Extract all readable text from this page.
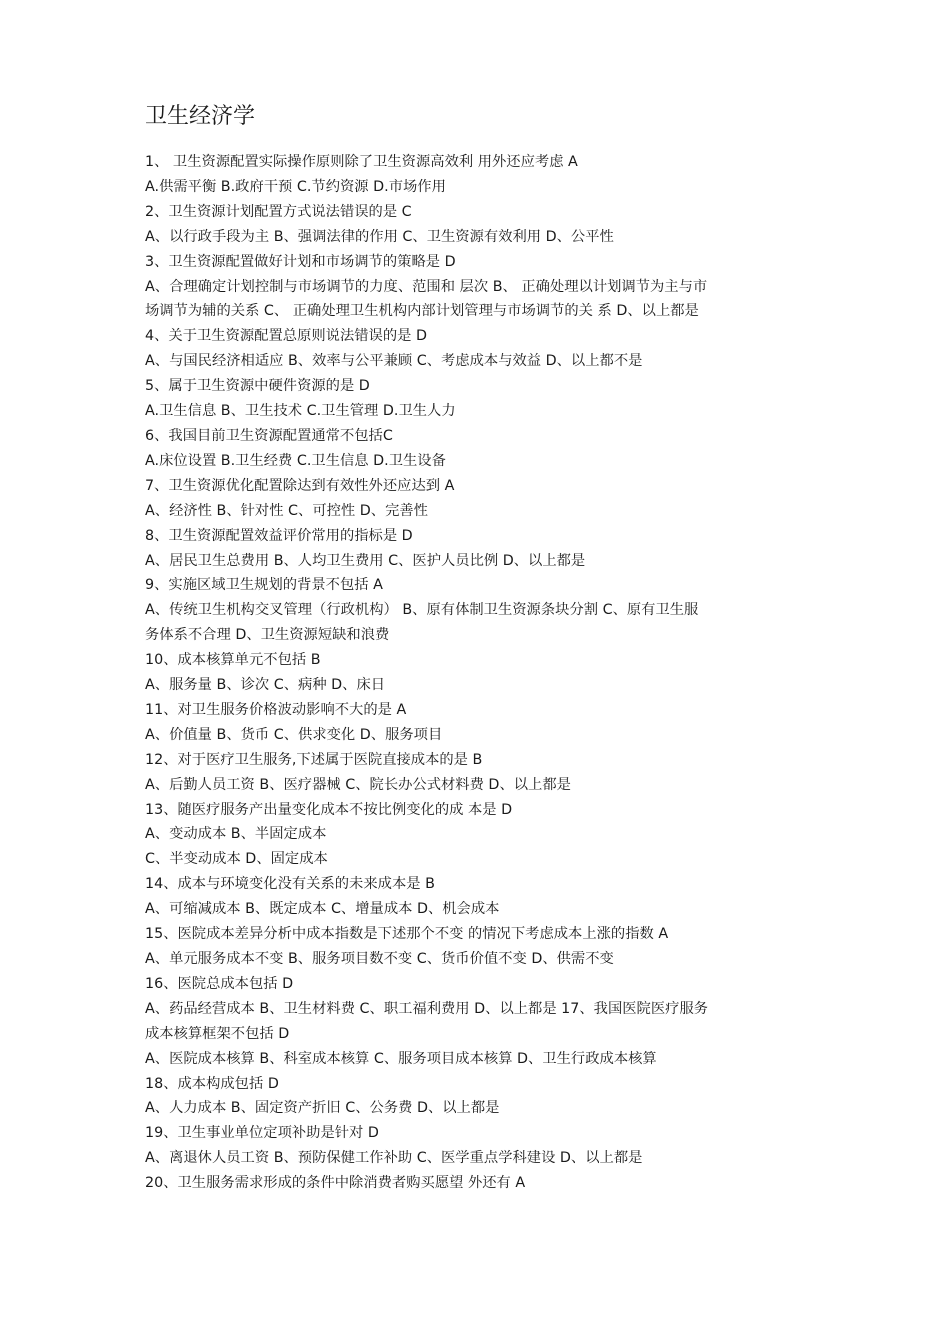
卫生经济学
1、 卫生资源配置实际操作原则除了卫生资源高效利 用外还应考虑 A
A.供需平衡 B.政府干预 C.节约资源 D.市场作用
2、卫生资源计划配置方式说法错误的是 C
A、以行政手段为主 B、强调法律的作用 C、卫生资源有效利用 D、公平性
3、卫生资源配置做好计划和市场调节的策略是 D
A、合理确定计划控制与市场调节的力度、范围和 层次 B、 正确处理以计划调节为主与市
场调节为辅的关系 C、 正确处理卫生机构内部计划管理与市场调节的关 系 D、以上都是
4、关于卫生资源配置总原则说法错误的是 D
A、与国民经济相适应 B、效率与公平兼顾 C、考虑成本与效益 D、以上都不是
5、属于卫生资源中硬件资源的是 D
A.卫生信息 B、卫生技术 C.卫生管理 D.卫生人力
6、我国目前卫生资源配置通常不包括C
A.床位设置 B.卫生经费 C.卫生信息 D.卫生设备
7、卫生资源优化配置除达到有效性外还应达到 A
A、经济性 B、针对性 C、可控性 D、完善性
8、卫生资源配置效益评价常用的指标是 D
A、居民卫生总费用 B、人均卫生费用 C、医护人员比例 D、以上都是
9、实施区域卫生规划的背景不包括 A
A、传统卫生机构交叉管理（行政机构） B、原有体制卫生资源条块分割 C、原有卫生服
务体系不合理 D、卫生资源短缺和浪费
10、成本核算单元不包括 B
A、服务量 B、诊次 C、病种 D、床日
11、对卫生服务价格波动影响不大的是 A
A、价值量 B、货币 C、供求变化 D、服务项目
12、对于医疗卫生服务,下述属于医院直接成本的是 B
A、后勤人员工资 B、医疗器械 C、院长办公式材料费 D、以上都是
13、随医疗服务产出量变化成本不按比例变化的成 本是 D
A、变动成本 B、半固定成本
C、半变动成本 D、固定成本
14、成本与环境变化没有关系的未来成本是 B
A、可缩减成本 B、既定成本 C、增量成本 D、机会成本
15、医院成本差异分析中成本指数是下述那个不变 的情况下考虑成本上涨的指数 A
A、单元服务成本不变 B、服务项目数不变 C、货币价值不变 D、供需不变
16、医院总成本包括 D
A、药品经营成本 B、卫生材料费 C、职工福利费用 D、以上都是 17、我国医院医疗服务
成本核算框架不包括 D
A、医院成本核算 B、科室成本核算 C、服务项目成本核算 D、卫生行政成本核算
18、成本构成包括 D
A、人力成本 B、固定资产折旧 C、公务费 D、以上都是
19、卫生事业单位定项补助是针对 D
A、离退休人员工资 B、预防保健工作补助 C、医学重点学科建设 D、以上都是
20、卫生服务需求形成的条件中除消费者购买愿望 外还有 A
